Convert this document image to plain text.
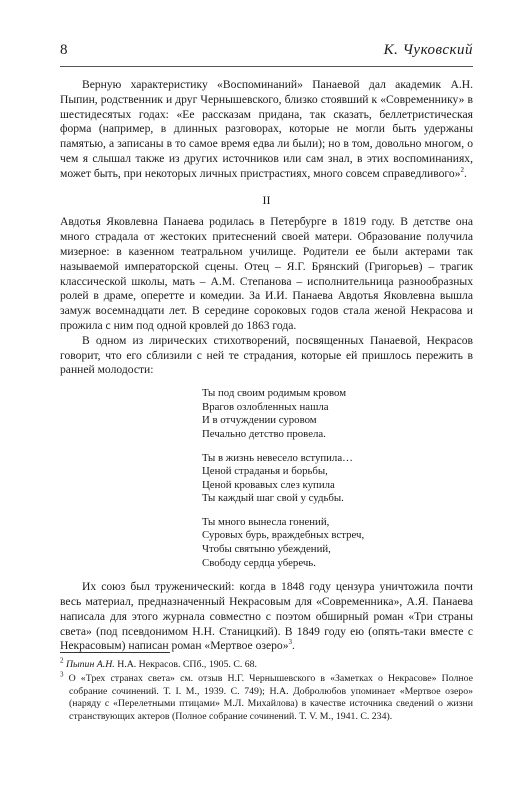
8	К. Чуковский

Верную характеристику «Воспоминаний» Панаевой дал академик А.Н. Пыпин, родственник и друг Чернышевского, близко стоявший к «Современнику» в шестидесятых годах: «Ее рассказам придана, так сказать, беллетристическая форма (например, в длинных разговорах, которые не могли быть удержаны памятью, а записаны в то самое время едва ли были); но в том, довольно многом, о чем я слышал также из других источников или сам знал, в этих воспоминаниях, может быть, при некоторых личных пристрастиях, много совсем справедливого»$^2$.

II

Авдотья Яковлевна Панаева родилась в Петербурге в 1819 году. В детстве она много страдала от жестоких притеснений своей матери. Образование получила мизерное: в казенном театральном училище. Родители ее были актерами так называемой императорской сцены. Отец – Я.Г. Брянский (Григорьев) – трагик классической школы, мать – А.М. Степанова – исполнительница разнообразных ролей в драме, оперетте и комедии. За И.И. Панаева Авдотья Яковлевна вышла замуж восемнадцати лет. В середине сороковых годов стала женой Некрасова и прожила с ним под одной кровлей до 1863 года.

В одном из лирических стихотворений, посвященных Панаевой, Некрасов говорит, что его сблизили с ней те страдания, которые ей пришлось пережить в ранней молодости:

Ты под своим родимым кровом
Врагов озлобленных нашла
И в отчуждении суровом
Печально детство провела.
Ты в жизнь невесело вступила…
Ценой страданья и борьбы,
Ценой кровавых слез купила
Ты каждый шаг свой у судьбы.
Ты много вынесла гонений,
Суровых бурь, враждебных встреч,
Чтобы святыню убеждений,
Свободу сердца уберечь.

Их союз был труженический: когда в 1848 году цензура уничтожила почти весь материал, предназначенный Некрасовым для «Современника», А.Я. Панаева написала для этого журнала совместно с поэтом обширный роман «Три страны света» (под псевдонимом Н.Н. Станицкий). В 1849 году ею (опять-таки вместе с Некрасовым) написан роман «Мертвое озеро»$^3$.

$^2$ Пыпин А.Н. Н.А. Некрасов. СПб., 1905. С. 68.

$^3$ О «Трех странах света» см. отзыв Н.Г. Чернышевского в «Заметках о Некрасове» Полное собрание сочинений. Т. I. М., 1939. С. 749); Н.А. Добролюбов упоминает «Мертвое озеро» (наряду с «Перелетными птицами» М.Л. Михайлова) в качестве источника сведений о жизни странствующих актеров (Полное собрание сочинений. Т. V. М., 1941. С. 234).
